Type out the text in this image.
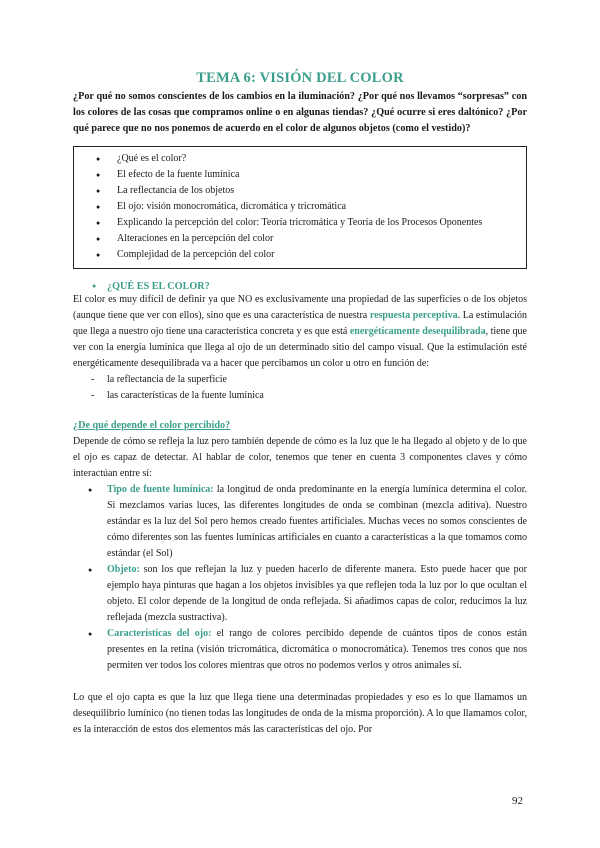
TEMA 6: VISIÓN DEL COLOR

¿Por qué no somos conscientes de los cambios en la iluminación? ¿Por qué nos llevamos “sorpresas” con los colores de las cosas que compramos online o en algunas tiendas? ¿Qué ocurre si eres daltónico? ¿Por qué parece que no nos ponemos de acuerdo en el color de algunos objetos (como el vestido)?

● ¿Qué es el color?
● El efecto de la fuente lumínica
● La reflectancia de los objetos
● El ojo: visión monocromática, dicromática y tricromática
● Explicando la percepción del color: Teoría tricromática y Teoría de los Procesos Oponentes
● Alteraciones en la percepción del color
● Complejidad de la percepción del color
● ¿QUÉ ES EL COLOR?

El color es muy difícil de definir ya que NO es exclusivamente una propiedad de las superficies o de los objetos (aunque tiene que ver con ellos), sino que es una característica de nuestra respuesta perceptiva. La estimulación que llega a nuestro ojo tiene una característica concreta y es que está energéticamente desequilibrada, tiene que ver con la energía lumínica que llega al ojo de un determinado sitio del campo visual. Que la estimulación esté energéticamente desequilibrada va a hacer que percibamos un color u otro en función de:

- la reflectancia de la superficie
- las características de la fuente lumínica
¿De qué depende el color percibido?

Depende de cómo se refleja la luz pero también depende de cómo es la luz que le ha llegado al objeto y de lo que el ojo es capaz de detectar. Al hablar de color, tenemos que tener en cuenta 3 componentes claves y cómo interactúan entre sí:

● Tipo de fuente lumínica: la longitud de onda predominante en la energía lumínica determina el color. Si mezclamos varias luces, las diferentes longitudes de onda se combinan (mezcla aditiva). Nuestro estándar es la luz del Sol pero hemos creado fuentes artificiales. Muchas veces no somos conscientes de cómo diferentes son las fuentes lumínicas artificiales en cuanto a características a la que tomamos como estándar (el Sol)
● Objeto: son los que reflejan la luz y pueden hacerlo de diferente manera. Esto puede hacer que por ejemplo haya pinturas que hagan a los objetos invisibles ya que reflejen toda la luz por lo que ocultan el objeto. El color depende de la longitud de onda reflejada. Si añadimos capas de color, reducimos la luz reflejada (mezcla sustractiva).
● Características del ojo: el rango de colores percibido depende de cuántos tipos de conos están presentes en la retina (visión tricromática, dicromática o monocromática). Tenemos tres conos que nos permiten ver todos los colores mientras que otros no podemos verlos y otros animales sí.

Lo que el ojo capta es que la luz que llega tiene una determinadas propiedades y eso es lo que llamamos un desequilibrio lumínico (no tienen todas las longitudes de onda de la misma proporción). A lo que llamamos color, es la interacción de estos dos elementos más las características del ojo. Por

92
